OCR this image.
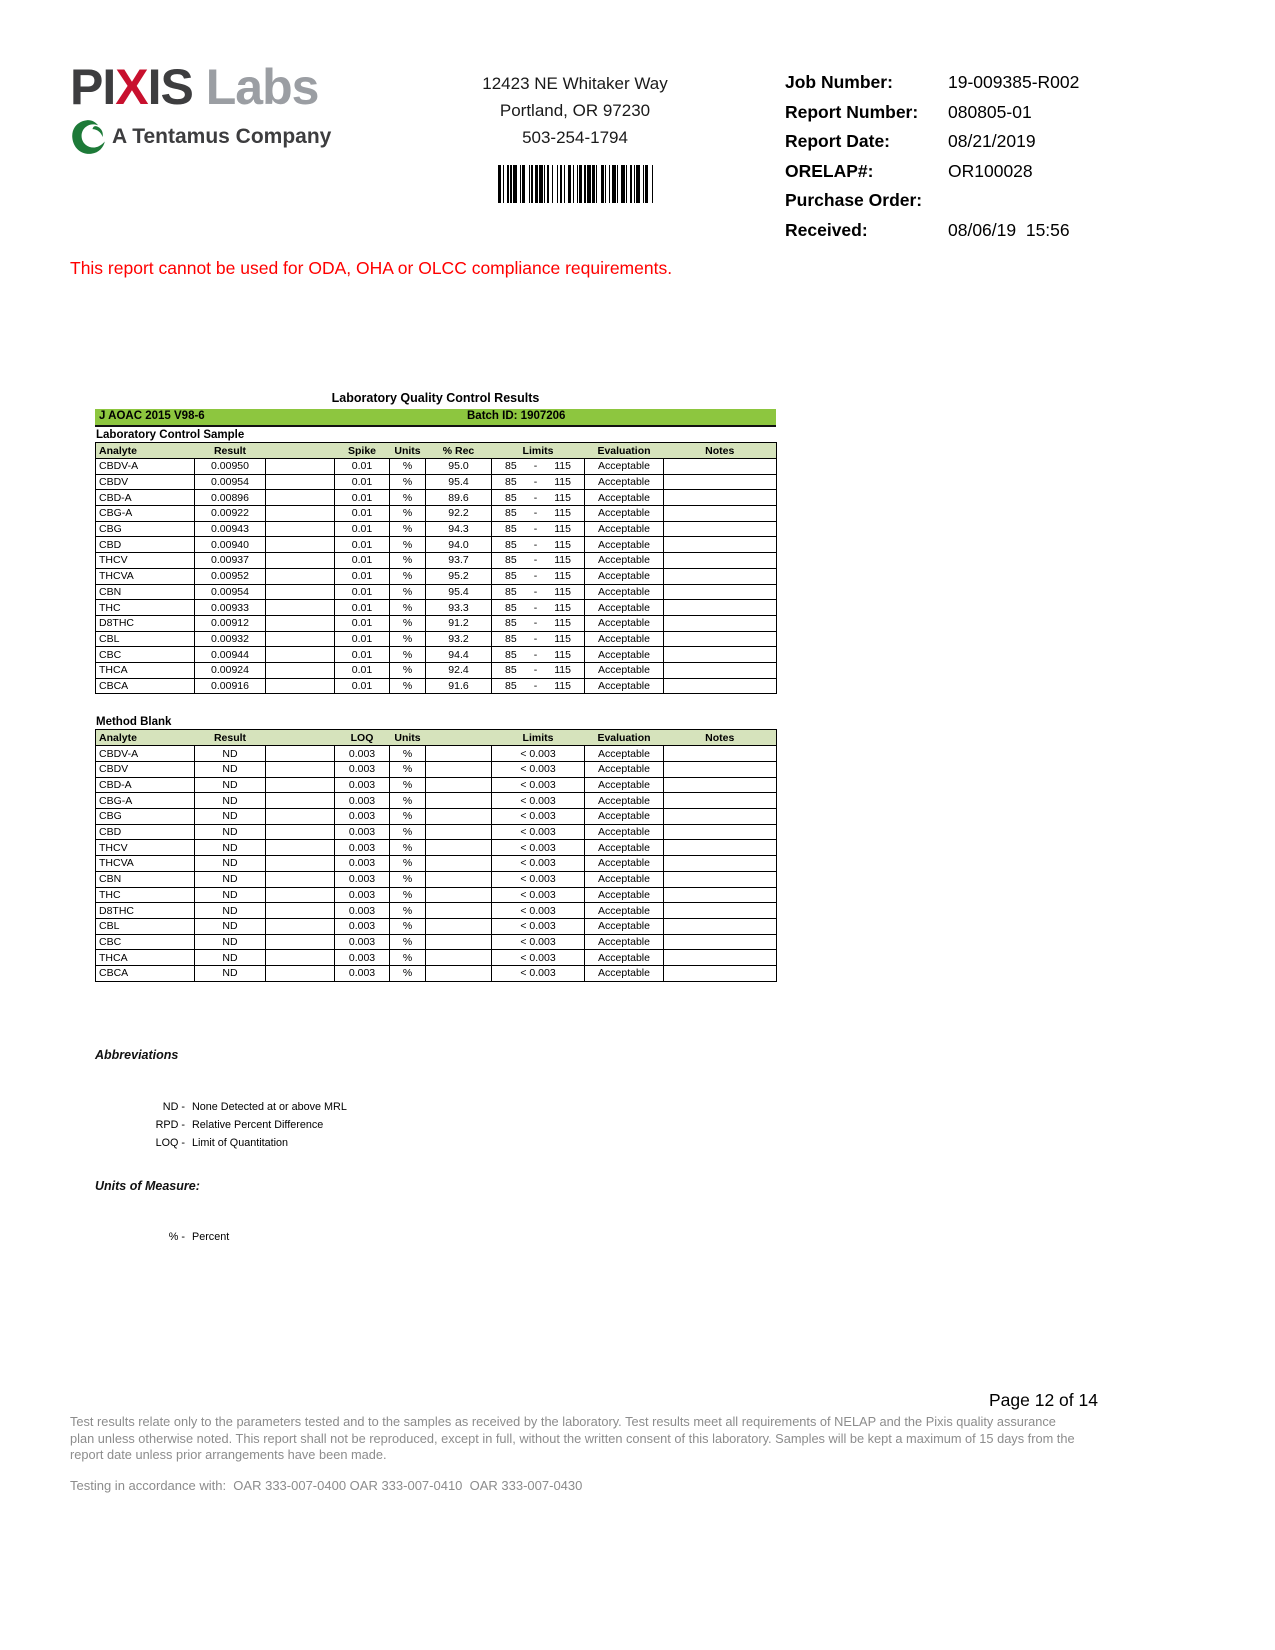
PIXIS Labs
A Tentamus Company
12423 NE Whitaker Way
Portland, OR 97230
503-254-1794
Job Number:	19-009385-R002
Report Number:	080805-01
Report Date:	08/21/2019
ORELAP#:	OR100028
Purchase Order:
Received:	08/06/19  15:56
This report cannot be used for ODA, OHA or OLCC compliance requirements.
Laboratory Quality Control Results
J AOAC 2015 V98-6	Batch ID: 1907206
Laboratory Control Sample
Analyte	Result		Spike	Units	% Rec	Limits	Evaluation	Notes
CBDV-A	0.00950		0.01	%	95.0	85 - 115	Acceptable	
CBDV	0.00954		0.01	%	95.4	85 - 115	Acceptable	
CBD-A	0.00896		0.01	%	89.6	85 - 115	Acceptable	
CBG-A	0.00922		0.01	%	92.2	85 - 115	Acceptable	
CBG	0.00943		0.01	%	94.3	85 - 115	Acceptable	
CBD	0.00940		0.01	%	94.0	85 - 115	Acceptable	
THCV	0.00937		0.01	%	93.7	85 - 115	Acceptable	
THCVA	0.00952		0.01	%	95.2	85 - 115	Acceptable	
CBN	0.00954		0.01	%	95.4	85 - 115	Acceptable	
THC	0.00933		0.01	%	93.3	85 - 115	Acceptable	
D8THC	0.00912		0.01	%	91.2	85 - 115	Acceptable	
CBL	0.00932		0.01	%	93.2	85 - 115	Acceptable	
CBC	0.00944		0.01	%	94.4	85 - 115	Acceptable	
THCA	0.00924		0.01	%	92.4	85 - 115	Acceptable	
CBCA	0.00916		0.01	%	91.6	85 - 115	Acceptable	
Method Blank
Analyte	Result		LOQ	Units		Limits	Evaluation	Notes
CBDV-A	ND		0.003	%		< 0.003	Acceptable	
CBDV	ND		0.003	%		< 0.003	Acceptable	
CBD-A	ND		0.003	%		< 0.003	Acceptable	
CBG-A	ND		0.003	%		< 0.003	Acceptable	
CBG	ND		0.003	%		< 0.003	Acceptable	
CBD	ND		0.003	%		< 0.003	Acceptable	
THCV	ND		0.003	%		< 0.003	Acceptable	
THCVA	ND		0.003	%		< 0.003	Acceptable	
CBN	ND		0.003	%		< 0.003	Acceptable	
THC	ND		0.003	%		< 0.003	Acceptable	
D8THC	ND		0.003	%		< 0.003	Acceptable	
CBL	ND		0.003	%		< 0.003	Acceptable	
CBC	ND		0.003	%		< 0.003	Acceptable	
THCA	ND		0.003	%		< 0.003	Acceptable	
CBCA	ND		0.003	%		< 0.003	Acceptable	
Abbreviations
ND - None Detected at or above MRL
RPD - Relative Percent Difference
LOQ - Limit of Quantitation
Units of Measure:
% - Percent
Page 12 of 14
Test results relate only to the parameters tested and to the samples as received by the laboratory. Test results meet all requirements of NELAP and the Pixis quality assurance plan unless otherwise noted. This report shall not be reproduced, except in full, without the written consent of this laboratory. Samples will be kept a maximum of 15 days from the report date unless prior arrangements have been made.
Testing in accordance with:  OAR 333-007-0400 OAR 333-007-0410  OAR 333-007-0430
